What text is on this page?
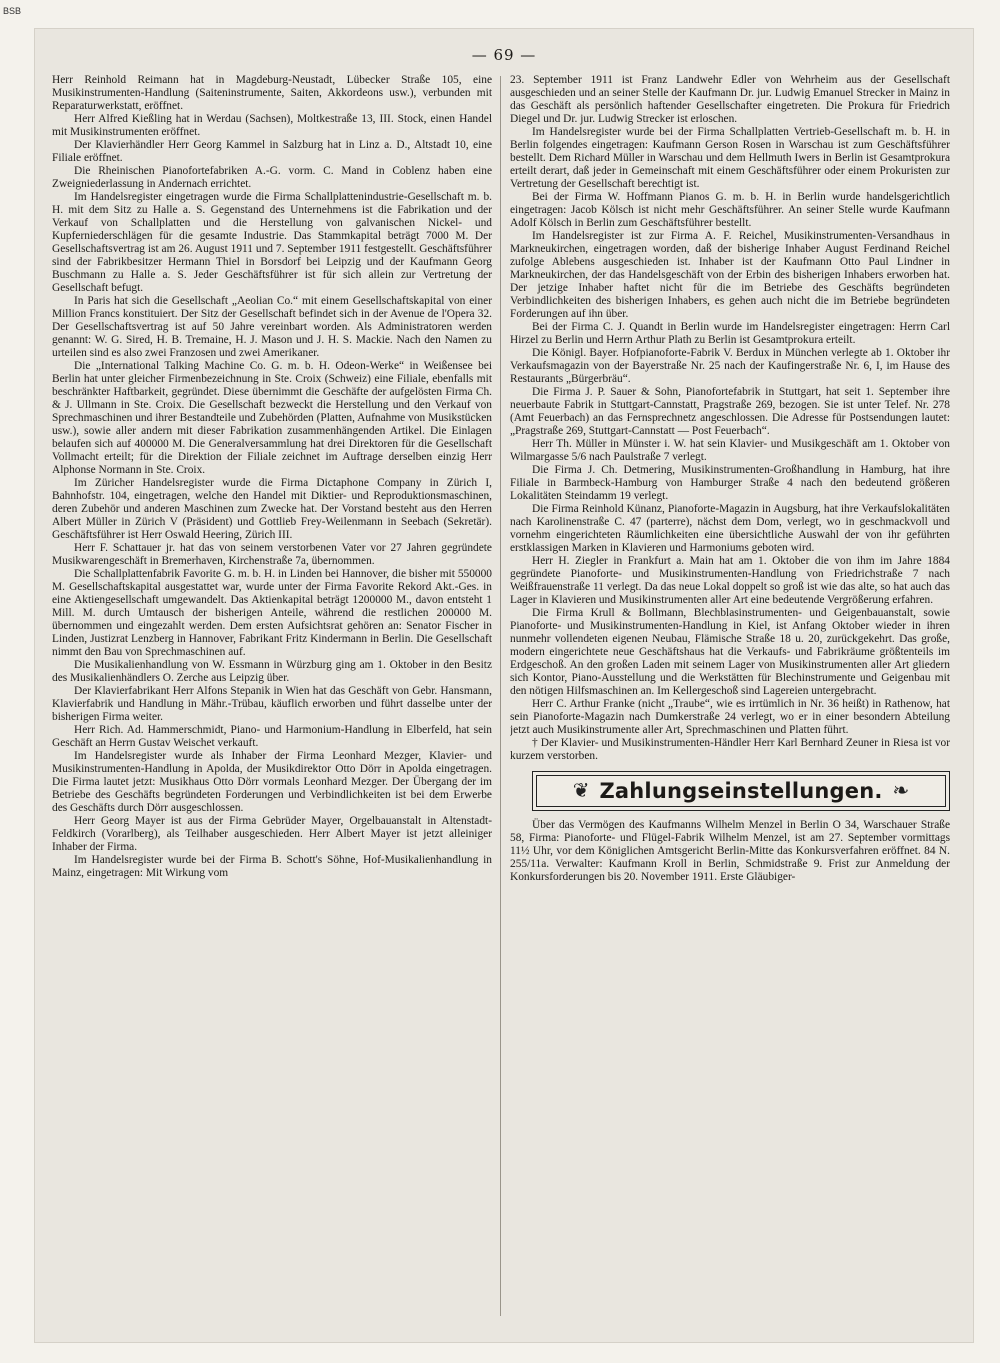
BSB
— 69 —

Herr Reinhold Reimann hat in Magdeburg-Neustadt, Lübecker Straße 105, eine Musikinstrumenten-Handlung (Saiteninstrumente, Saiten, Akkordeons usw.), verbunden mit Reparaturwerkstatt, eröffnet.

Herr Alfred Kießling hat in Werdau (Sachsen), Moltkestraße 13, III. Stock, einen Handel mit Musikinstrumenten eröffnet.

Der Klavierhändler Herr Georg Kammel in Salzburg hat in Linz a. D., Altstadt 10, eine Filiale eröffnet.

Die Rheinischen Pianofortefabriken A.-G. vorm. C. Mand in Coblenz haben eine Zweigniederlassung in Andernach errichtet.

Im Handelsregister eingetragen wurde die Firma Schallplattenindustrie-Gesellschaft m. b. H. mit dem Sitz zu Halle a. S. Gegenstand des Unternehmens ist die Fabrikation und der Verkauf von Schallplatten und die Herstellung von galvanischen Nickel- und Kupferniederschlägen für die gesamte Industrie. Das Stammkapital beträgt 7000 M. Der Gesellschaftsvertrag ist am 26. August 1911 und 7. September 1911 festgestellt. Geschäftsführer sind der Fabrikbesitzer Hermann Thiel in Borsdorf bei Leipzig und der Kaufmann Georg Buschmann zu Halle a. S. Jeder Geschäftsführer ist für sich allein zur Vertretung der Gesellschaft befugt.

In Paris hat sich die Gesellschaft „Aeolian Co.“ mit einem Gesellschaftskapital von einer Million Francs konstituiert. Der Sitz der Gesellschaft befindet sich in der Avenue de l'Opera 32. Der Gesellschaftsvertrag ist auf 50 Jahre vereinbart worden. Als Administratoren werden genannt: W. G. Sired, H. B. Tremaine, H. J. Mason und J. H. S. Mackie. Nach den Namen zu urteilen sind es also zwei Franzosen und zwei Amerikaner.

Die „International Talking Machine Co. G. m. b. H. Odeon-Werke“ in Weißensee bei Berlin hat unter gleicher Firmenbezeichnung in Ste. Croix (Schweiz) eine Filiale, ebenfalls mit beschränkter Haftbarkeit, gegründet. Diese übernimmt die Geschäfte der aufgelösten Firma Ch. & J. Ullmann in Ste. Croix. Die Gesellschaft bezweckt die Herstellung und den Verkauf von Sprechmaschinen und ihrer Bestandteile und Zubehörden (Platten, Aufnahme von Musikstücken usw.), sowie aller andern mit dieser Fabrikation zusammenhängenden Artikel. Die Einlagen belaufen sich auf 400000 M. Die Generalversammlung hat drei Direktoren für die Gesellschaft Vollmacht erteilt; für die Direktion der Filiale zeichnet im Auftrage derselben einzig Herr Alphonse Normann in Ste. Croix.

Im Züricher Handelsregister wurde die Firma Dictaphone Company in Zürich I, Bahnhofstr. 104, eingetragen, welche den Handel mit Diktier- und Reproduktionsmaschinen, deren Zubehör und anderen Maschinen zum Zwecke hat. Der Vorstand besteht aus den Herren Albert Müller in Zürich V (Präsident) und Gottlieb Frey-Weilenmann in Seebach (Sekretär). Geschäftsführer ist Herr Oswald Heering, Zürich III.

Herr F. Schattauer jr. hat das von seinem verstorbenen Vater vor 27 Jahren gegründete Musikwarengeschäft in Bremerhaven, Kirchenstraße 7a, übernommen.

Die Schallplattenfabrik Favorite G. m. b. H. in Linden bei Hannover, die bisher mit 550000 M. Gesellschaftskapital ausgestattet war, wurde unter der Firma Favorite Rekord Akt.-Ges. in eine Aktiengesellschaft umgewandelt. Das Aktienkapital beträgt 1200000 M., davon entsteht 1 Mill. M. durch Umtausch der bisherigen Anteile, während die restlichen 200000 M. übernommen und eingezahlt werden. Dem ersten Aufsichtsrat gehören an: Senator Fischer in Linden, Justizrat Lenzberg in Hannover, Fabrikant Fritz Kindermann in Berlin. Die Gesellschaft nimmt den Bau von Sprechmaschinen auf.

Die Musikalienhandlung von W. Essmann in Würzburg ging am 1. Oktober in den Besitz des Musikalienhändlers O. Zerche aus Leipzig über.

Der Klavierfabrikant Herr Alfons Stepanik in Wien hat das Geschäft von Gebr. Hansmann, Klavierfabrik und Handlung in Mähr.-Trübau, käuflich erworben und führt dasselbe unter der bisherigen Firma weiter.

Herr Rich. Ad. Hammerschmidt, Piano- und Harmonium-Handlung in Elberfeld, hat sein Geschäft an Herrn Gustav Weischet verkauft.

Im Handelsregister wurde als Inhaber der Firma Leonhard Mezger, Klavier- und Musikinstrumenten-Handlung in Apolda, der Musikdirektor Otto Dörr in Apolda eingetragen. Die Firma lautet jetzt: Musikhaus Otto Dörr vormals Leonhard Mezger. Der Übergang der im Betriebe des Geschäfts begründeten Forderungen und Verbindlichkeiten ist bei dem Erwerbe des Geschäfts durch Dörr ausgeschlossen.

Herr Georg Mayer ist aus der Firma Gebrüder Mayer, Orgelbauanstalt in Altenstadt-Feldkirch (Vorarlberg), als Teilhaber ausgeschieden. Herr Albert Mayer ist jetzt alleiniger Inhaber der Firma.

Im Handelsregister wurde bei der Firma B. Schott's Söhne, Hof-Musikalienhandlung in Mainz, eingetragen: Mit Wirkung vom

23. September 1911 ist Franz Landwehr Edler von Wehrheim aus der Gesellschaft ausgeschieden und an seiner Stelle der Kaufmann Dr. jur. Ludwig Emanuel Strecker in Mainz in das Geschäft als persönlich haftender Gesellschafter eingetreten. Die Prokura für Friedrich Diegel und Dr. jur. Ludwig Strecker ist erloschen.

Im Handelsregister wurde bei der Firma Schallplatten Vertrieb-Gesellschaft m. b. H. in Berlin folgendes eingetragen: Kaufmann Gerson Rosen in Warschau ist zum Geschäftsführer bestellt. Dem Richard Müller in Warschau und dem Hellmuth Iwers in Berlin ist Gesamtprokura erteilt derart, daß jeder in Gemeinschaft mit einem Geschäftsführer oder einem Prokuristen zur Vertretung der Gesellschaft berechtigt ist.

Bei der Firma W. Hoffmann Pianos G. m. b. H. in Berlin wurde handelsgerichtlich eingetragen: Jacob Kölsch ist nicht mehr Geschäftsführer. An seiner Stelle wurde Kaufmann Adolf Kölsch in Berlin zum Geschäftsführer bestellt.

Im Handelsregister ist zur Firma A. F. Reichel, Musikinstrumenten-Versandhaus in Markneukirchen, eingetragen worden, daß der bisherige Inhaber August Ferdinand Reichel zufolge Ablebens ausgeschieden ist. Inhaber ist der Kaufmann Otto Paul Lindner in Markneukirchen, der das Handelsgeschäft von der Erbin des bisherigen Inhabers erworben hat. Der jetzige Inhaber haftet nicht für die im Betriebe des Geschäfts begründeten Verbindlichkeiten des bisherigen Inhabers, es gehen auch nicht die im Betriebe begründeten Forderungen auf ihn über.

Bei der Firma C. J. Quandt in Berlin wurde im Handelsregister eingetragen: Herrn Carl Hirzel zu Berlin und Herrn Arthur Plath zu Berlin ist Gesamtprokura erteilt.

Die Königl. Bayer. Hofpianoforte-Fabrik V. Berdux in München verlegte ab 1. Oktober ihr Verkaufsmagazin von der Bayerstraße Nr. 25 nach der Kaufingerstraße Nr. 6, I, im Hause des Restaurants „Bürgerbräu“.

Die Firma J. P. Sauer & Sohn, Pianofortefabrik in Stuttgart, hat seit 1. September ihre neuerbaute Fabrik in Stuttgart-Cannstatt, Pragstraße 269, bezogen. Sie ist unter Telef. Nr. 278 (Amt Feuerbach) an das Fernsprechnetz angeschlossen. Die Adresse für Postsendungen lautet: „Pragstraße 269, Stuttgart-Cannstatt — Post Feuerbach“.

Herr Th. Müller in Münster i. W. hat sein Klavier- und Musikgeschäft am 1. Oktober von Wilmargasse 5/6 nach Paulstraße 7 verlegt.

Die Firma J. Ch. Detmering, Musikinstrumenten-Großhandlung in Hamburg, hat ihre Filiale in Barmbeck-Hamburg von Hamburger Straße 4 nach den bedeutend größeren Lokalitäten Steindamm 19 verlegt.

Die Firma Reinhold Künanz, Pianoforte-Magazin in Augsburg, hat ihre Verkaufslokalitäten nach Karolinenstraße C. 47 (parterre), nächst dem Dom, verlegt, wo in geschmackvoll und vornehm eingerichteten Räumlichkeiten eine übersichtliche Auswahl der von ihr geführten erstklassigen Marken in Klavieren und Harmoniums geboten wird.

Herr H. Ziegler in Frankfurt a. Main hat am 1. Oktober die von ihm im Jahre 1884 gegründete Pianoforte- und Musikinstrumenten-Handlung von Friedrichstraße 7 nach Weißfrauenstraße 11 verlegt. Da das neue Lokal doppelt so groß ist wie das alte, so hat auch das Lager in Klavieren und Musikinstrumenten aller Art eine bedeutende Vergrößerung erfahren.

Die Firma Krull & Bollmann, Blechblasinstrumenten- und Geigenbauanstalt, sowie Pianoforte- und Musikinstrumenten-Handlung in Kiel, ist Anfang Oktober wieder in ihren nunmehr vollendeten eigenen Neubau, Flämische Straße 18 u. 20, zurückgekehrt. Das große, modern eingerichtete neue Geschäftshaus hat die Verkaufs- und Fabrikräume größtenteils im Erdgeschoß. An den großen Laden mit seinem Lager von Musikinstrumenten aller Art gliedern sich Kontor, Piano-Ausstellung und die Werkstätten für Blechinstrumente und Geigenbau mit den nötigen Hilfsmaschinen an. Im Kellergeschoß sind Lagereien untergebracht.

Herr C. Arthur Franke (nicht „Traube“, wie es irrtümlich in Nr. 36 heißt) in Rathenow, hat sein Pianoforte-Magazin nach Dumkerstraße 24 verlegt, wo er in einer besondern Abteilung jetzt auch Musikinstrumente aller Art, Sprechmaschinen und Platten führt.

† Der Klavier- und Musikinstrumenten-Händler Herr Karl Bernhard Zeuner in Riesa ist vor kurzem verstorben.

❦ Zahlungseinstellungen. ❧

Über das Vermögen des Kaufmanns Wilhelm Menzel in Berlin O 34, Warschauer Straße 58, Firma: Pianoforte- und Flügel-Fabrik Wilhelm Menzel, ist am 27. September vormittags 11½ Uhr, vor dem Königlichen Amtsgericht Berlin-Mitte das Konkursverfahren eröffnet. 84 N. 255/11a. Verwalter: Kaufmann Kroll in Berlin, Schmidstraße 9. Frist zur Anmeldung der Konkursforderungen bis 20. November 1911. Erste Gläubiger-
